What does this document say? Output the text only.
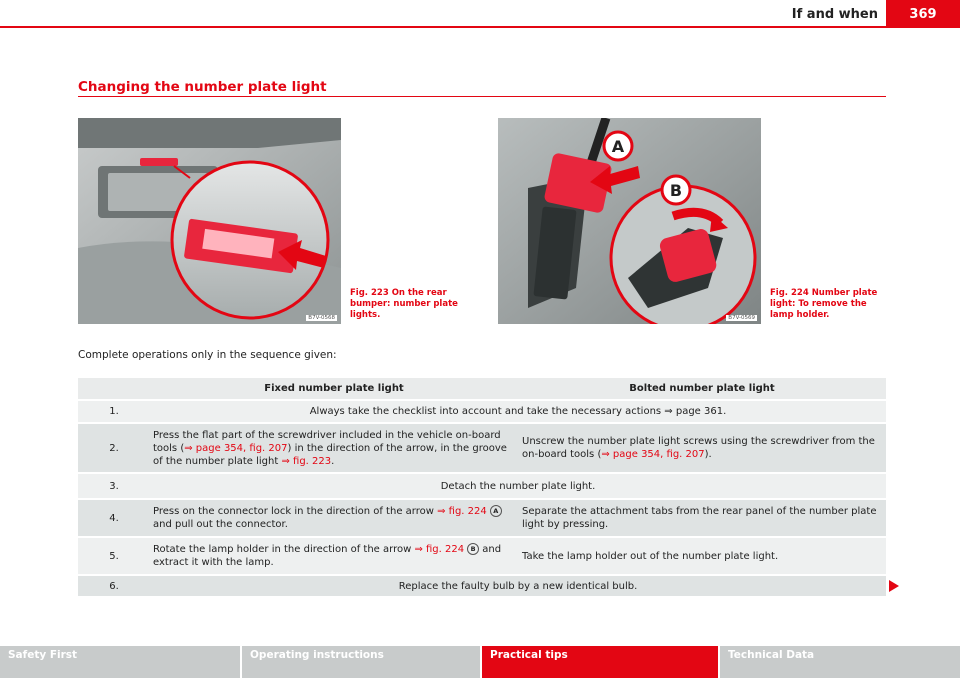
If and when	369
Changing the number plate light
B7V-0568
Fig. 223 On the rear bumper: number plate lights.
A
B
B7V-0569
Fig. 224 Number plate light: To remove the lamp holder.
Complete operations only in the sequence given:
	Fixed number plate light	Bolted number plate light
1.	Always take the checklist into account and take the necessary actions ⇒ page 361.	
2.	Press the flat part of the screwdriver included in the vehicle on-board tools (⇒ page 354, fig. 207) in the direction of the arrow, in the groove of the number plate light ⇒ fig. 223.	Unscrew the number plate light screws using the screwdriver from the on-board tools (⇒ page 354, fig. 207).
3.	Detach the number plate light.	
4.	Press on the connector lock in the direction of the arrow ⇒ fig. 224 A
and pull out the connector.	Separate the attachment tabs from the rear panel of the number plate light by pressing.
5.	Rotate the lamp holder in the direction of the arrow ⇒ fig. 224 B and extract it with the lamp.	Take the lamp holder out of the number plate light.
6.	Replace the faulty bulb by a new identical bulb.	
Safety First	Operating instructions	Practical tips	Technical Data
